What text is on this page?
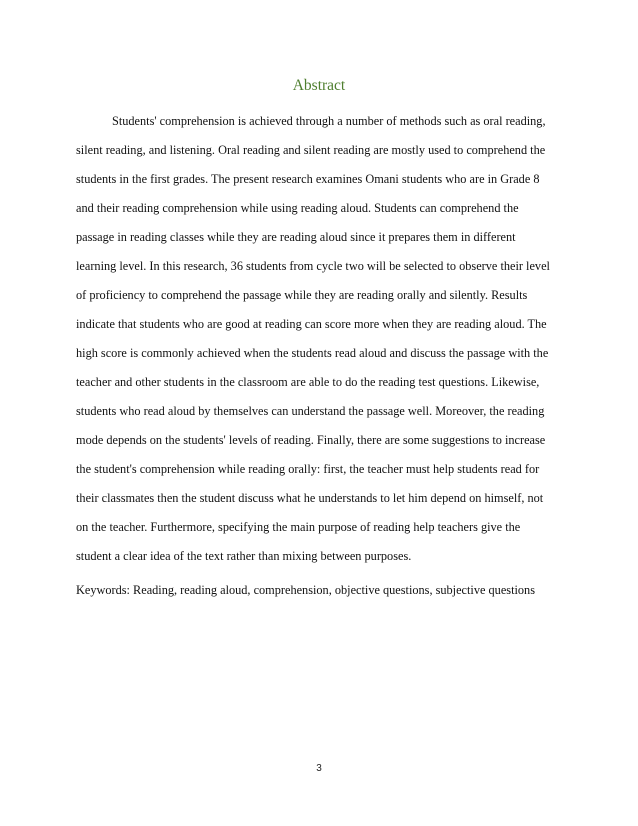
Abstract
Students' comprehension is achieved through a number of methods such as oral reading,
silent reading, and listening. Oral reading and silent reading are mostly used to comprehend the
students in the first grades. The present research examines Omani students who are in Grade 8
and their reading comprehension while using reading aloud. Students can comprehend the
passage in reading classes while they are reading aloud since it prepares them in different
learning level. In this research, 36 students from cycle two will be selected to observe their level
of proficiency to comprehend the passage while they are reading orally and silently. Results
indicate that students who are good at reading can score more when they are reading aloud. The
high score is commonly achieved when the students read aloud and discuss the passage with the
teacher and other students in the classroom are able to do the reading test questions. Likewise,
students who read aloud by themselves can understand the passage well. Moreover, the reading
mode depends on the students' levels of reading. Finally, there are some suggestions to increase
the student's comprehension while reading orally: first, the teacher must help students read for
their classmates then the student discuss what he understands to let him depend on himself, not
on the teacher. Furthermore, specifying the main purpose of reading help teachers give the
student a clear idea of the text rather than mixing between purposes.
Keywords: Reading, reading aloud, comprehension, objective questions, subjective questions
3
